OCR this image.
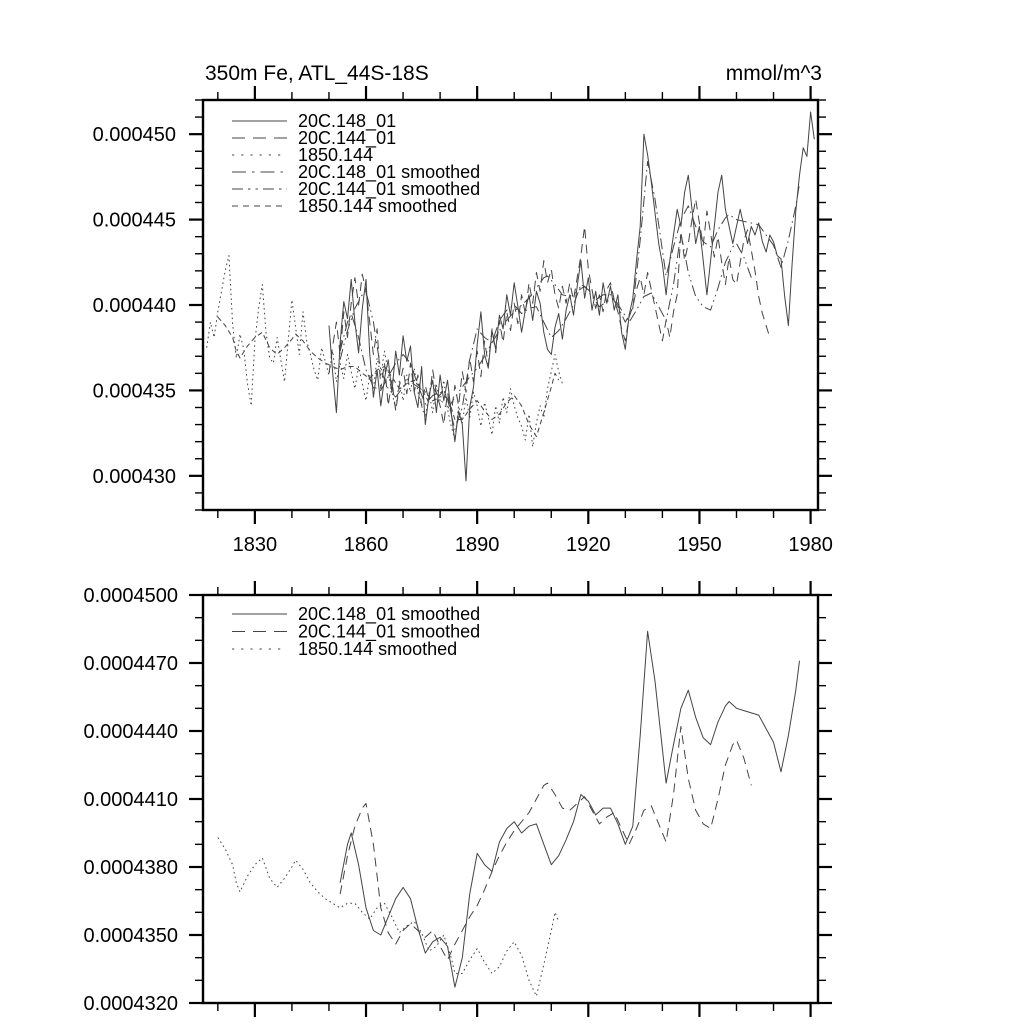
350m Fe, ATL_44S-18S	mmol/m^3
0.000450
0.000445
0.000440
0.000435
0.000430
1830	1860	1890	1920	1950	1980
20C.148_01
20C.144_01
1850.144
20C.148_01 smoothed
20C.144_01 smoothed
1850.144 smoothed
0.0004500
0.0004470
0.0004440
0.0004410
0.0004380
0.0004350
0.0004320
20C.148_01 smoothed
20C.144_01 smoothed
1850.144 smoothed
